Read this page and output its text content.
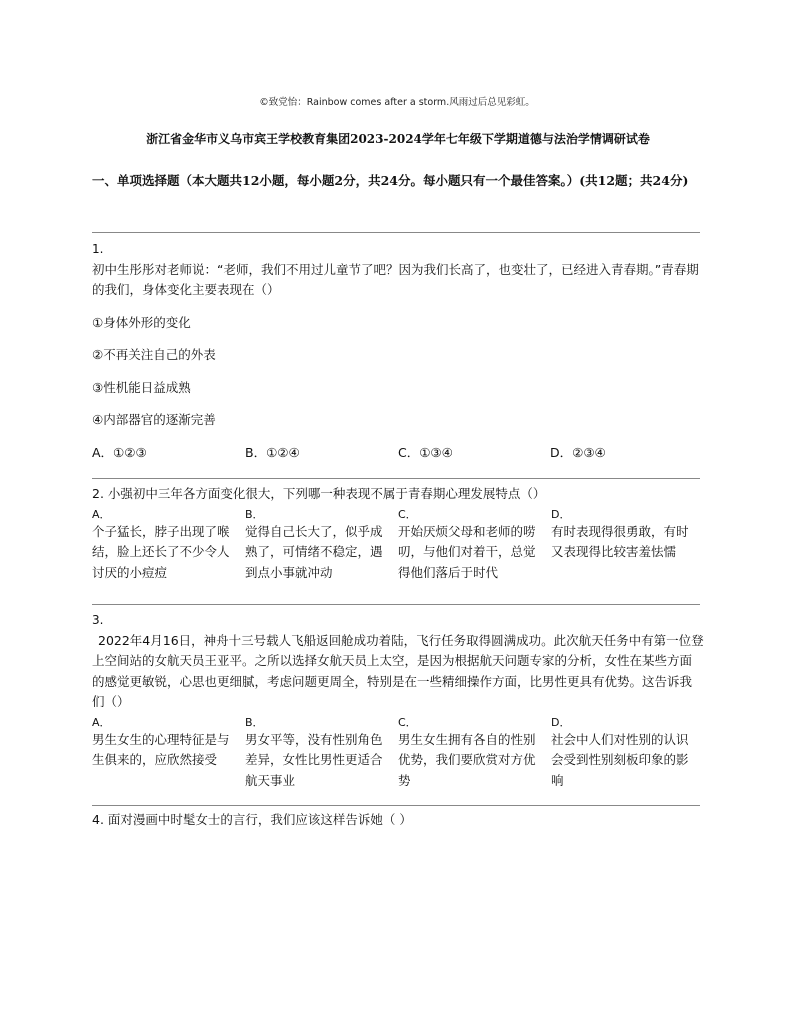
©致党怡：Rainbow comes after a storm.风雨过后总见彩虹。
浙江省金华市义乌市宾王学校教育集团2023-2024学年七年级下学期道德与法治学情调研试卷
一、单项选择题（本大题共12小题，每小题2分，共24分。每小题只有一个最佳答案。）(共12题；共24分)
1.
初中生彤彤对老师说：“老师，我们不用过儿童节了吧？因为我们长高了，也变壮了，已经进入青春期。”青春期的我们，身体变化主要表现在（）
①身体外形的变化
②不再关注自己的外表
③性机能日益成熟
④内部器官的逐渐完善
A．①②③	B．①②④	C．①③④	D．②③④
2. 小强初中三年各方面变化很大，下列哪一种表现不属于青春期心理发展特点（）
A．
个子猛长，脖子出现了喉结，脸上还长了不少令人讨厌的小痘痘
B．
觉得自己长大了，似乎成熟了，可情绪不稳定，遇到点小事就冲动
C．
开始厌烦父母和老师的唠叨，与他们对着干，总觉得他们落后于时代
D．
有时表现得很勇敢，有时又表现得比较害羞怯懦
3.
2022年4月16日，神舟十三号载人飞船返回舱成功着陆，飞行任务取得圆满成功。此次航天任务中有第一位登上空间站的女航天员王亚平。之所以选择女航天员上太空，是因为根据航天问题专家的分析，女性在某些方面的感觉更敏锐，心思也更细腻，考虑问题更周全，特别是在一些精细操作方面，比男性更具有优势。这告诉我们（）
A．
男生女生的心理特征是与生俱来的，应欣然接受
B．
男女平等，没有性别角色差异，女性比男性更适合航天事业
C．
男生女生拥有各自的性别优势，我们要欣赏对方优势
D．
社会中人们对性别的认识会受到性别刻板印象的影响
4. 面对漫画中时髦女士的言行，我们应该这样告诉她（ ）
